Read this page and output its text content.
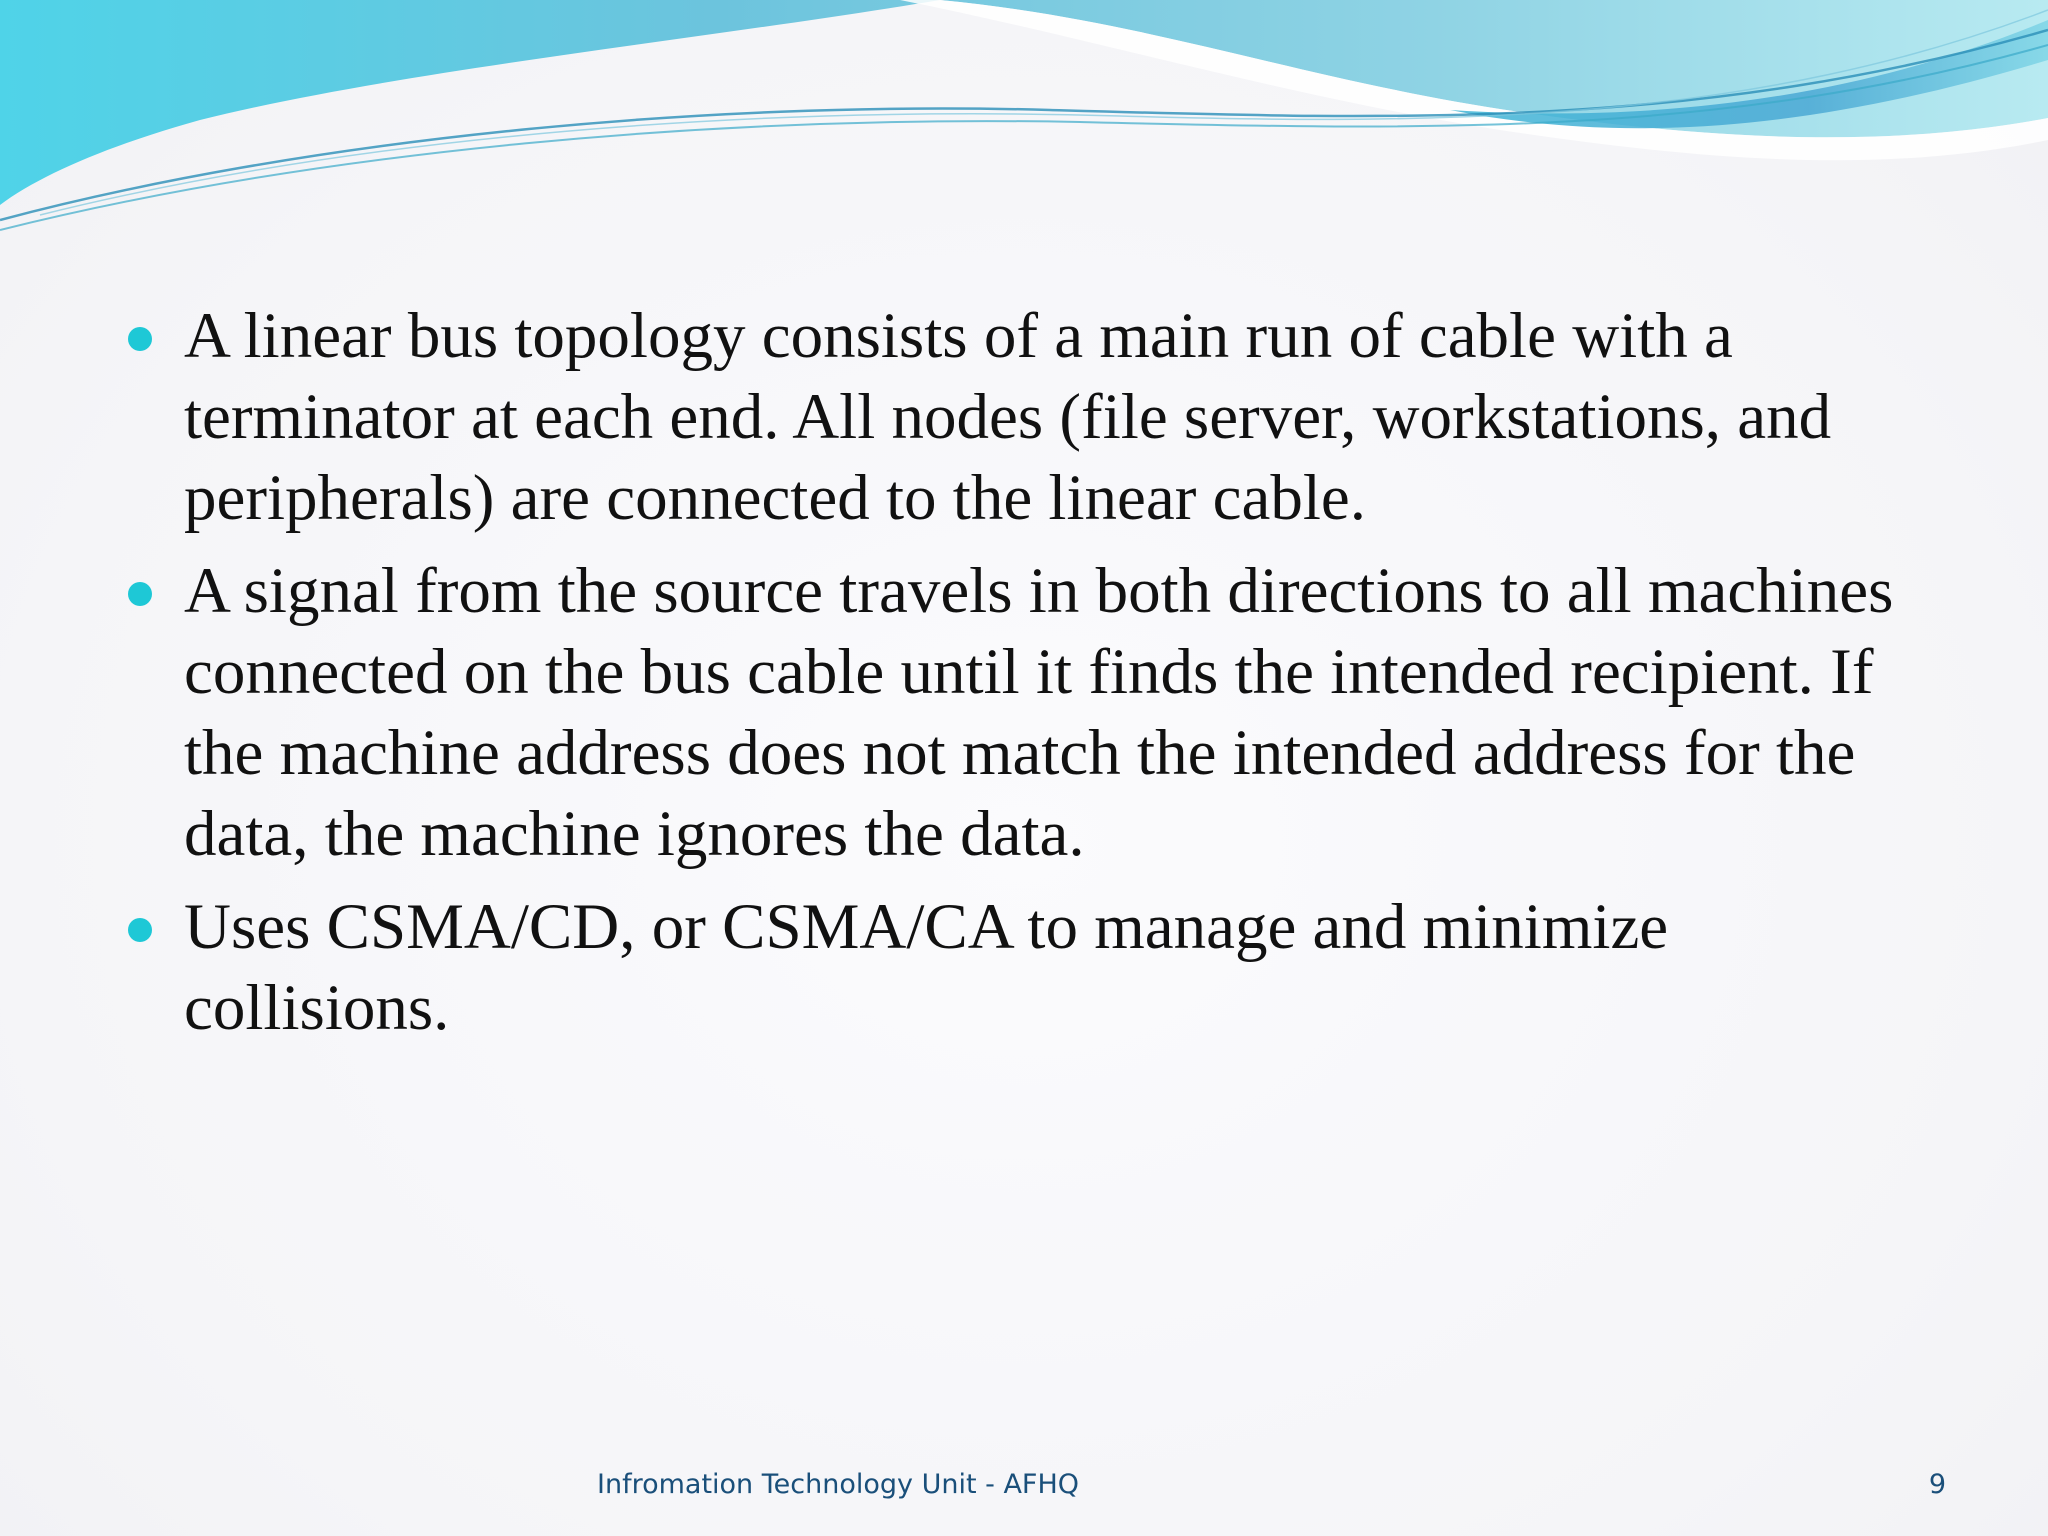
A linear bus topology consists of a main run of cable with a terminator at each end. All nodes (file server, workstations, and peripherals) are connected to the linear cable.
A signal from the source travels in both directions to all machines connected on the bus cable until it finds the intended recipient. If the machine address does not match the intended address for the data, the machine ignores the data.
Uses CSMA/CD, or CSMA/CA to manage and minimize collisions.
Infromation Technology Unit - AFHQ	9
